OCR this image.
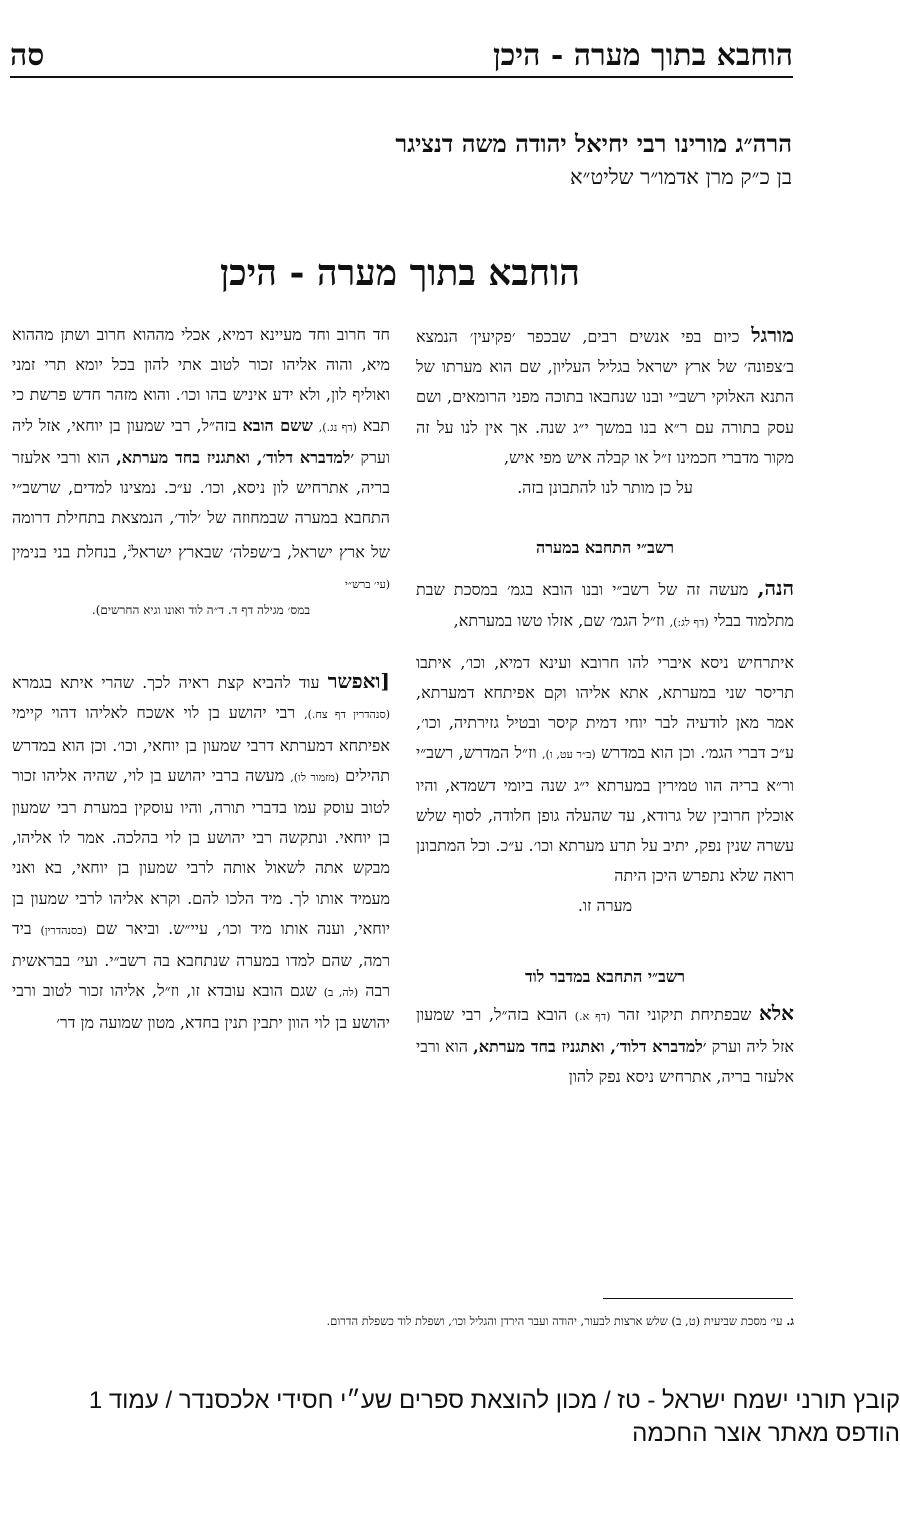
הוחבא בתוך מערה - היכן
סה
הרה״ג מורינו רבי יחיאל יהודה משה דנציגר
בן כ״ק מרן אדמו״ר שליט״א
הוחבא בתוך מערה - היכן

מורגל כיום בפי אנשים רבים, שבכפר ׳פקיעין׳ הנמצא ב׳צפונה׳ של ארץ ישראל בגליל העליון, שם הוא מערתו של התנא האלוקי רשב״י ובנו שנחבאו בתוכה מפני הרומאים, ושם עסק בתורה עם ר״א בנו במשך י״ג שנה. אך אין לנו על זה מקור מדברי חכמינו ז״ל או קבלה איש מפי איש,

על כן מותר לנו להתבונן בזה.

רשב״י התחבא במערה

הנה, מעשה זה של רשב״י ובנו הובא בגמ׳ במסכת שבת מתלמוד בבלי (דף לג:), וז״ל הגמ׳ שם, אזלו טשו במערתא,

איתרחיש ניסא איברי להו חרובא ועינא דמיא, וכו׳, איתבו תריסר שני במערתא, אתא אליהו וקם אפיתחא דמערתא, אמר מאן לודעיה לבר יוחי דמית קיסר ובטיל גזירתיה, וכו׳, ע״כ דברי הגמ׳. וכן הוא במדרש (ב״ר עט, ו), וז״ל המדרש, רשב״י ור״א בריה הוו טמירין במערתא י״ג שנה ביומי דשמדא, והיו אוכלין חרובין של גרודא, עד שהעלה גופן חלודה, לסוף שלש עשרה שנין נפק, יתיב על תרע מערתא וכו׳. ע״כ. וכל המתבונן רואה שלא נתפרש היכן היתה

מערה זו.

רשב״י התחבא במדבר לוד

אלא שבפתיחת תיקוני זהר (דף א.) הובא בזה״ל, רבי שמעון אזל ליה וערק ׳למדברא דלוד׳, ואתגניז בחד מערתא, הוא ורבי אלעזר בריה, אתרחיש ניסא נפק להון

חד חרוב וחד מעיינא דמיא, אכלי מההוא חרוב ושתן מההוא מיא, והוה אליהו זכור לטוב אתי להון בכל יומא תרי זמני ואוליף לון, ולא ידע איניש בהו וכו׳. והוא מזהר חדש פרשת כי תבא (דף נג.), ששם הובא בזה״ל, רבי שמעון בן יוחאי, אזל ליה וערק ׳למדברא דלוד׳, ואתגניז בחד מערתא, הוא ורבי אלעזר בריה, אתרחיש לון ניסא, וכו׳. ע״כ. נמצינו למדים, שרשב״י התחבא במערה שבמחוזה של ׳לוד׳, הנמצאת בתחילת דרומה של ארץ ישראל, ב׳שפלה׳ שבארץ ישראל$^ג$, בנחלת בני בנימין (עי׳ ברש״י

במס׳ מגילה דף ד. ד״ה לוד ואונו וגיא החרשים).

[ואפשר עוד להביא קצת ראיה לכך. שהרי איתא בגמרא (סנהדרין דף צח.), רבי יהושע בן לוי אשכח לאליהו דהוי קיימי אפיתחא דמערתא דרבי שמעון בן יוחאי, וכו׳. וכן הוא במדרש תהילים (מזמור לו), מעשה ברבי יהושע בן לוי, שהיה אליהו זכור לטוב עוסק עמו בדברי תורה, והיו עוסקין במערת רבי שמעון בן יוחאי. ונתקשה רבי יהושע בן לוי בהלכה. אמר לו אליהו, מבקש אתה לשאול אותה לרבי שמעון בן יוחאי, בא ואני מעמיד אותו לך. מיד הלכו להם. וקרא אליהו לרבי שמעון בן יוחאי, וענה אותו מיד וכו׳, עיי״ש. וביאר שם (בסנהדרין) ביד רמה, שהם למדו במערה שנתחבא בה רשב״י. ועי׳ בבראשית רבה (לה, ב) שגם הובא עובדא זו, וז״ל, אליהו זכור לטוב ורבי יהושע בן לוי הוון יתבין תנין בחדא, מטון שמועה מן דר׳

ג. עי׳ מסכת שביעית (ט, ב) שלש ארצות לבעור, יהודה ועבר הירדן והגליל וכו׳, ושפלת לוד כשפלת הדרום.
קובץ תורני ישמח ישראל - טז / מכון להוצאת ספרים שע״י חסידי אלכסנדר / עמוד 1
הודפס מאתר אוצר החכמה
